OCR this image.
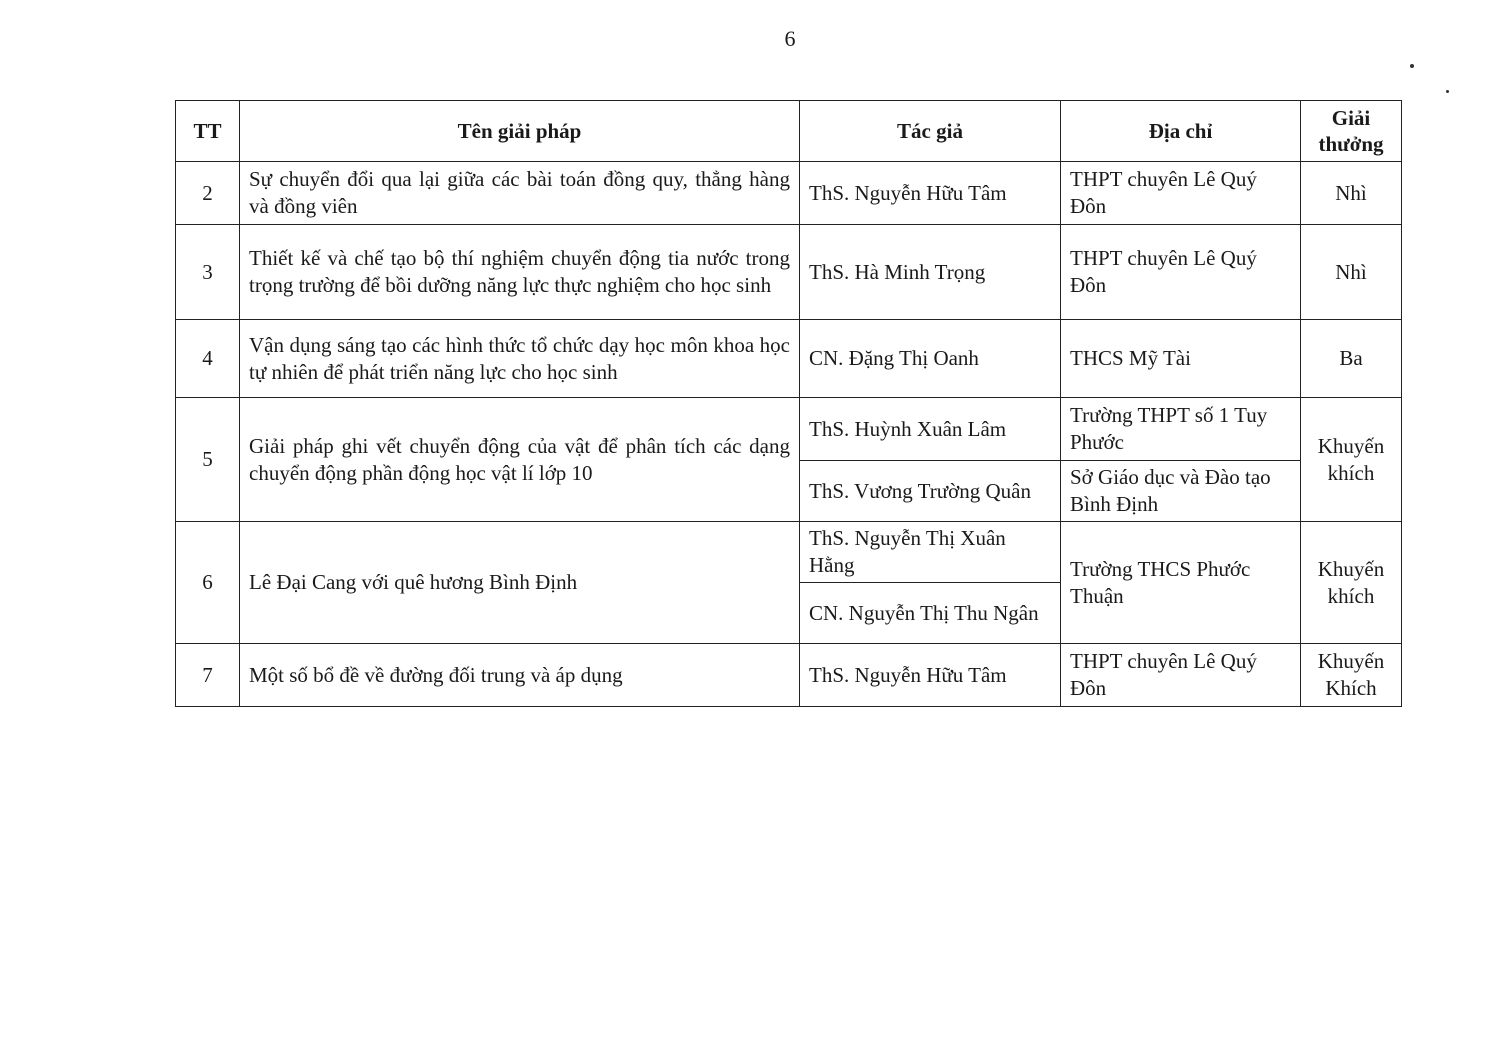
6
TT	Tên giải pháp	Tác giả	Địa chỉ	Giải thưởng
2	Sự chuyển đổi qua lại giữa các bài toán đồng quy, thẳng hàng và đồng viên	ThS. Nguyễn Hữu Tâm	THPT chuyên Lê Quý Đôn	Nhì
3	Thiết kế và chế tạo bộ thí nghiệm chuyển động tia nước trong trọng trường để bồi dưỡng năng lực thực nghiệm cho học sinh	ThS. Hà Minh Trọng	THPT chuyên Lê Quý Đôn	Nhì
4	Vận dụng sáng tạo các hình thức tổ chức dạy học môn khoa học tự nhiên để phát triển năng lực cho học sinh	CN. Đặng Thị Oanh	THCS Mỹ Tài	Ba
5	Giải pháp ghi vết chuyển động của vật để phân tích các dạng chuyển động phần động học vật lí lớp 10	ThS. Huỳnh Xuân Lâm	Trường THPT số 1 Tuy Phước	Khuyến khích
		ThS. Vương Trường Quân	Sở Giáo dục và Đào tạo Bình Định	
6	Lê Đại Cang với quê hương Bình Định	ThS. Nguyễn Thị Xuân Hằng	Trường THCS Phước Thuận	Khuyến khích
		CN. Nguyễn Thị Thu Ngân		
7	Một số bổ đề về đường đối trung và áp dụng	ThS. Nguyễn Hữu Tâm	THPT chuyên Lê Quý Đôn	Khuyến Khích
